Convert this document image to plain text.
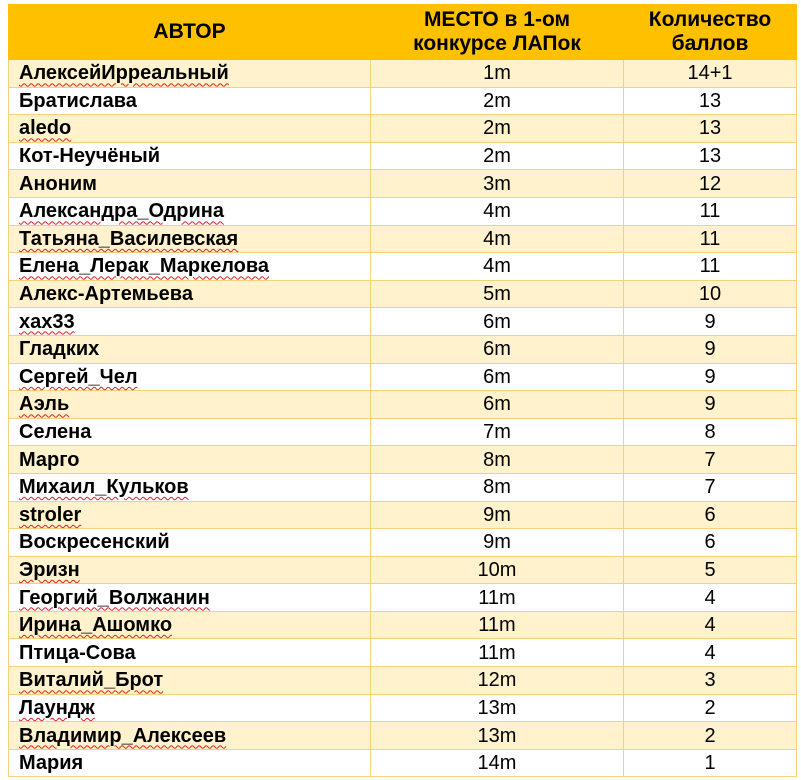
АВТОР	МЕСТО в 1-ом конкурсе ЛАПок	Количество баллов
АлексейИрреальный	1m	14+1
Братислава	2m	13
aledo	2m	13
Кот-Неучёный	2m	13
Аноним	3m	12
Александра_Одрина	4m	11
Татьяна_Василевская	4m	11
Елена_Лерак_Маркелова	4m	11
Алекс-Артемьева	5m	10
хах33	6m	9
Гладких	6m	9
Сергей_Чел	6m	9
Аэль	6m	9
Селена	7m	8
Марго	8m	7
Михаил_Кульков	8m	7
stroler	9m	6
Воскресенский	9m	6
Эризн	10m	5
Георгий_Волжанин	11m	4
Ирина_Ашомко	11m	4
Птица-Сова	11m	4
Виталий_Брот	12m	3
Лаундж	13m	2
Владимир_Алексеев	13m	2
Мария	14m	1
